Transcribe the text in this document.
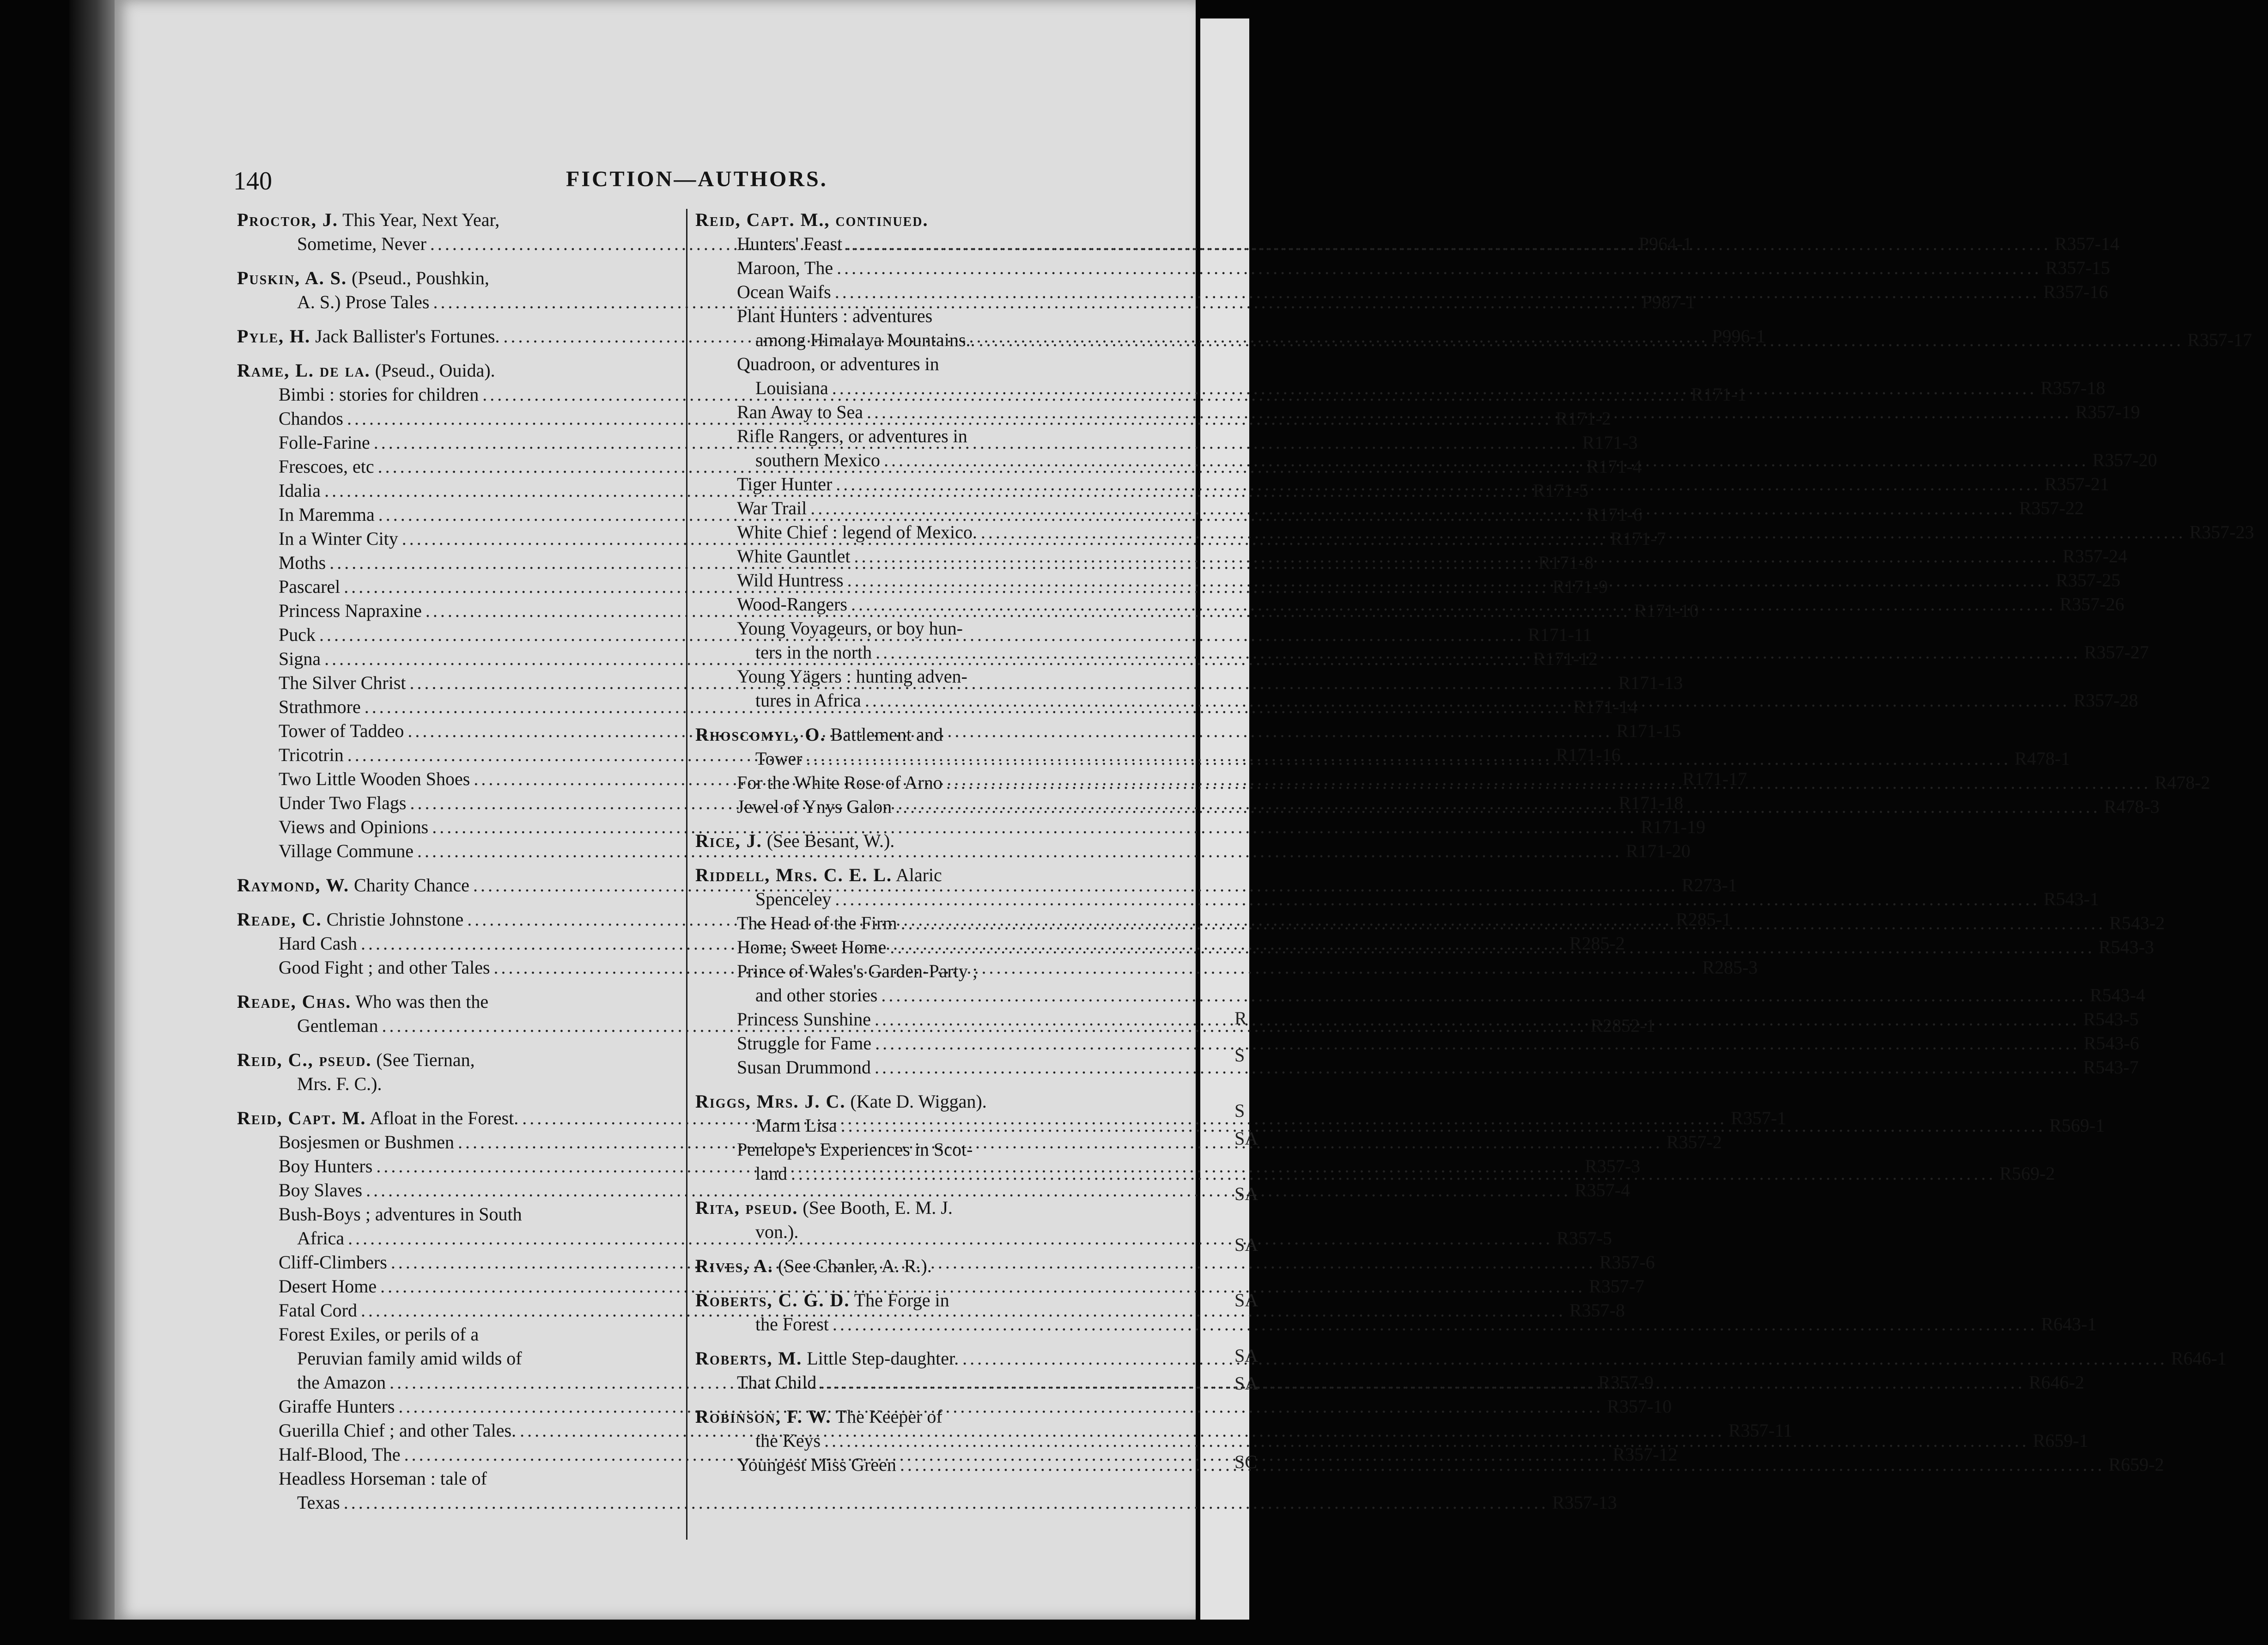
140	FICTION—AUTHORS.
Proctor, J. This Year, Next Year,
Sometime, Never .....	P964-1
Puskin, A. S. (Pseud., Poushkin,
A. S.) Prose Tales .....	P987-1
Pyle, H. Jack Ballister's Fortunes. .....	P996-1
Rame, L. de la. (Pseud., Ouida).
Bimbi : stories for children .....	R171-1
Chandos .....	R171-2
Folle-Farine .....	R171-3
Frescoes, etc .....	R171-4
Idalia .....	R171-5
In Maremma .....	R171-6
In a Winter City .....	R171-7
Moths .....	R171-8
Pascarel .....	R171-9
Princess Napraxine .....	R171-10
Puck .....	R171-11
Signa .....	R171-12
The Silver Christ .....	R171-13
Strathmore .....	R171-14
Tower of Taddeo .....	R171-15
Tricotrin .....	R171-16
Two Little Wooden Shoes .....	R171-17
Under Two Flags .....	R171-18
Views and Opinions .....	R171-19
Village Commune .....	R171-20
Raymond, W. Charity Chance .....	R273-1
Reade, C. Christie Johnstone .....	R285-1
Hard Cash .....	R285-2
Good Fight ; and other Tales .....	R285-3
Reade, Chas. Who was then the
Gentleman .....	R2852-1
Reid, C., pseud. (See Tiernan,
Mrs. F. C.).
Reid, Capt. M. Afloat in the Forest. .....	R357-1
Bosjesmen or Bushmen .....	R357-2
Boy Hunters .....	R357-3
Boy Slaves .....	R357-4
Bush-Boys ; adventures in South
Africa .....	R357-5
Cliff-Climbers .....	R357-6
Desert Home .....	R357-7
Fatal Cord .....	R357-8
Forest Exiles, or perils of a
Peruvian family amid wilds of
the Amazon .....	R357-9
Giraffe Hunters .....	R357-10
Guerilla Chief ; and other Tales. .....	R357-11
Half-Blood, The .....	R357-12
Headless Horseman : tale of
Texas .....	R357-13
Reid, Capt. M., continued.
Hunters' Feast .....	R357-14
Maroon, The .....	R357-15
Ocean Waifs .....	R357-16
Plant Hunters : adventures
among Himalaya Mountains.. .....	R357-17
Quadroon, or adventures in
Louisiana .....	R357-18
Ran Away to Sea .....	R357-19
Rifle Rangers, or adventures in
southern Mexico .....	R357-20
Tiger Hunter .....	R357-21
War Trail .....	R357-22
White Chief : legend of Mexico. .....	R357-23
White Gauntlet .....	R357-24
Wild Huntress .....	R357-25
Wood-Rangers .....	R357-26
Young Voyageurs, or boy hun-
ters in the north .....	R357-27
Young Yägers : hunting adven-
tures in Africa .....	R357-28
Rhoscomyl, O. Battlement and
Tower .....	R478-1
For the White Rose of Arno .....	R478-2
Jewel of Ynys Galon .....	R478-3
Rice, J. (See Besant, W.).
Riddell, Mrs. C. E. L. Alaric
Spenceley .....	R543-1
The Head of the Firm .....	R543-2
Home, Sweet Home .....	R543-3
Prince of Wales's Garden-Party ;
and other stories .....	R543-4
Princess Sunshine .....	R543-5
Struggle for Fame .....	R543-6
Susan Drummond .....	R543-7
Riggs, Mrs. J. C. (Kate D. Wiggan).
Marm Lisa .....	R569-1
Penelope's Experiences in Scot-
land .....	R569-2
Rita, pseud. (See Booth, E. M. J.
von.).
Rives, A. (See Chanler, A. R.).
Roberts, C. G. D. The Forge in
the Forest .....	R643-1
Roberts, M. Little Step-daughter. .....	R646-1
That Child .....	R646-2
Robinson, F. W. The Keeper of
the Keys .....	R659-1
Youngest Miss Green .....	R659-2
R
S
S
SA
SA
SA
SA
SA
SA
SC
